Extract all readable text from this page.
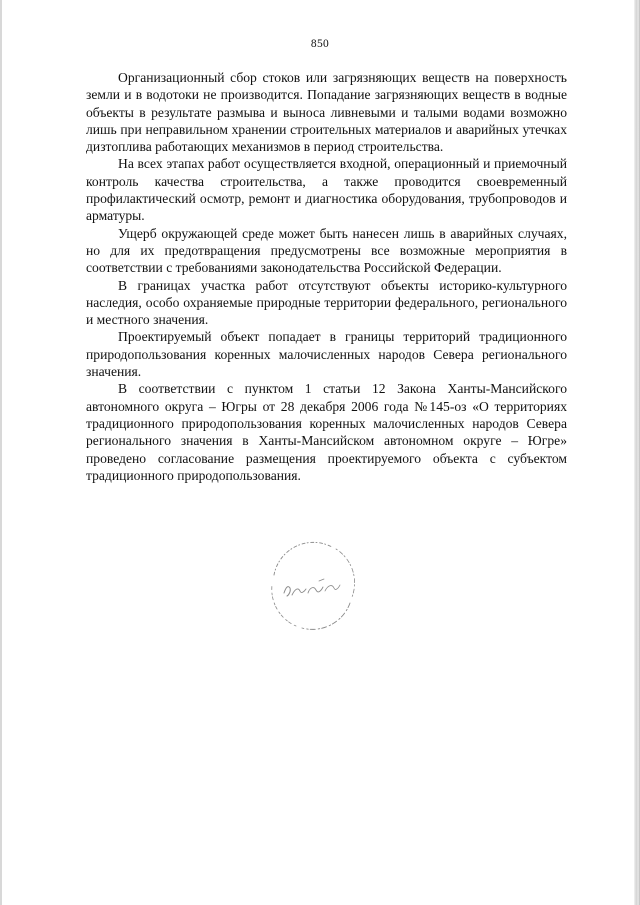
850

Организационный сбор стоков или загрязняющих веществ на поверхность земли и в водотоки не производится. Попадание загрязняющих веществ в водные объекты в результате размыва и выноса ливневыми и талыми водами возможно лишь при неправильном хранении строительных материалов и аварийных утечках дизтоплива работающих механизмов в период строительства.

На всех этапах работ осуществляется входной, операционный и приемочный контроль качества строительства, а также проводится своевременный профилактический осмотр, ремонт и диагностика оборудования, трубопроводов и арматуры.

Ущерб окружающей среде может быть нанесен лишь в аварийных случаях, но для их предотвращения предусмотрены все возможные мероприятия в соответствии с требованиями законодательства Российской Федерации.

В границах участка работ отсутствуют объекты историко-культурного наследия, особо охраняемые природные территории федерального, регионального и местного значения.

Проектируемый объект попадает в границы территорий традиционного природопользования коренных малочисленных народов Севера регионального значения.

В соответствии с пунктом 1 статьи 12 Закона Ханты-Мансийского автономного округа – Югры от 28 декабря 2006 года №145-оз «О территориях традиционного природопользования коренных малочисленных народов Севера регионального значения в Ханты-Мансийском автономном округе – Югре» проведено согласование размещения проектируемого объекта с субъектом традиционного природопользования.
